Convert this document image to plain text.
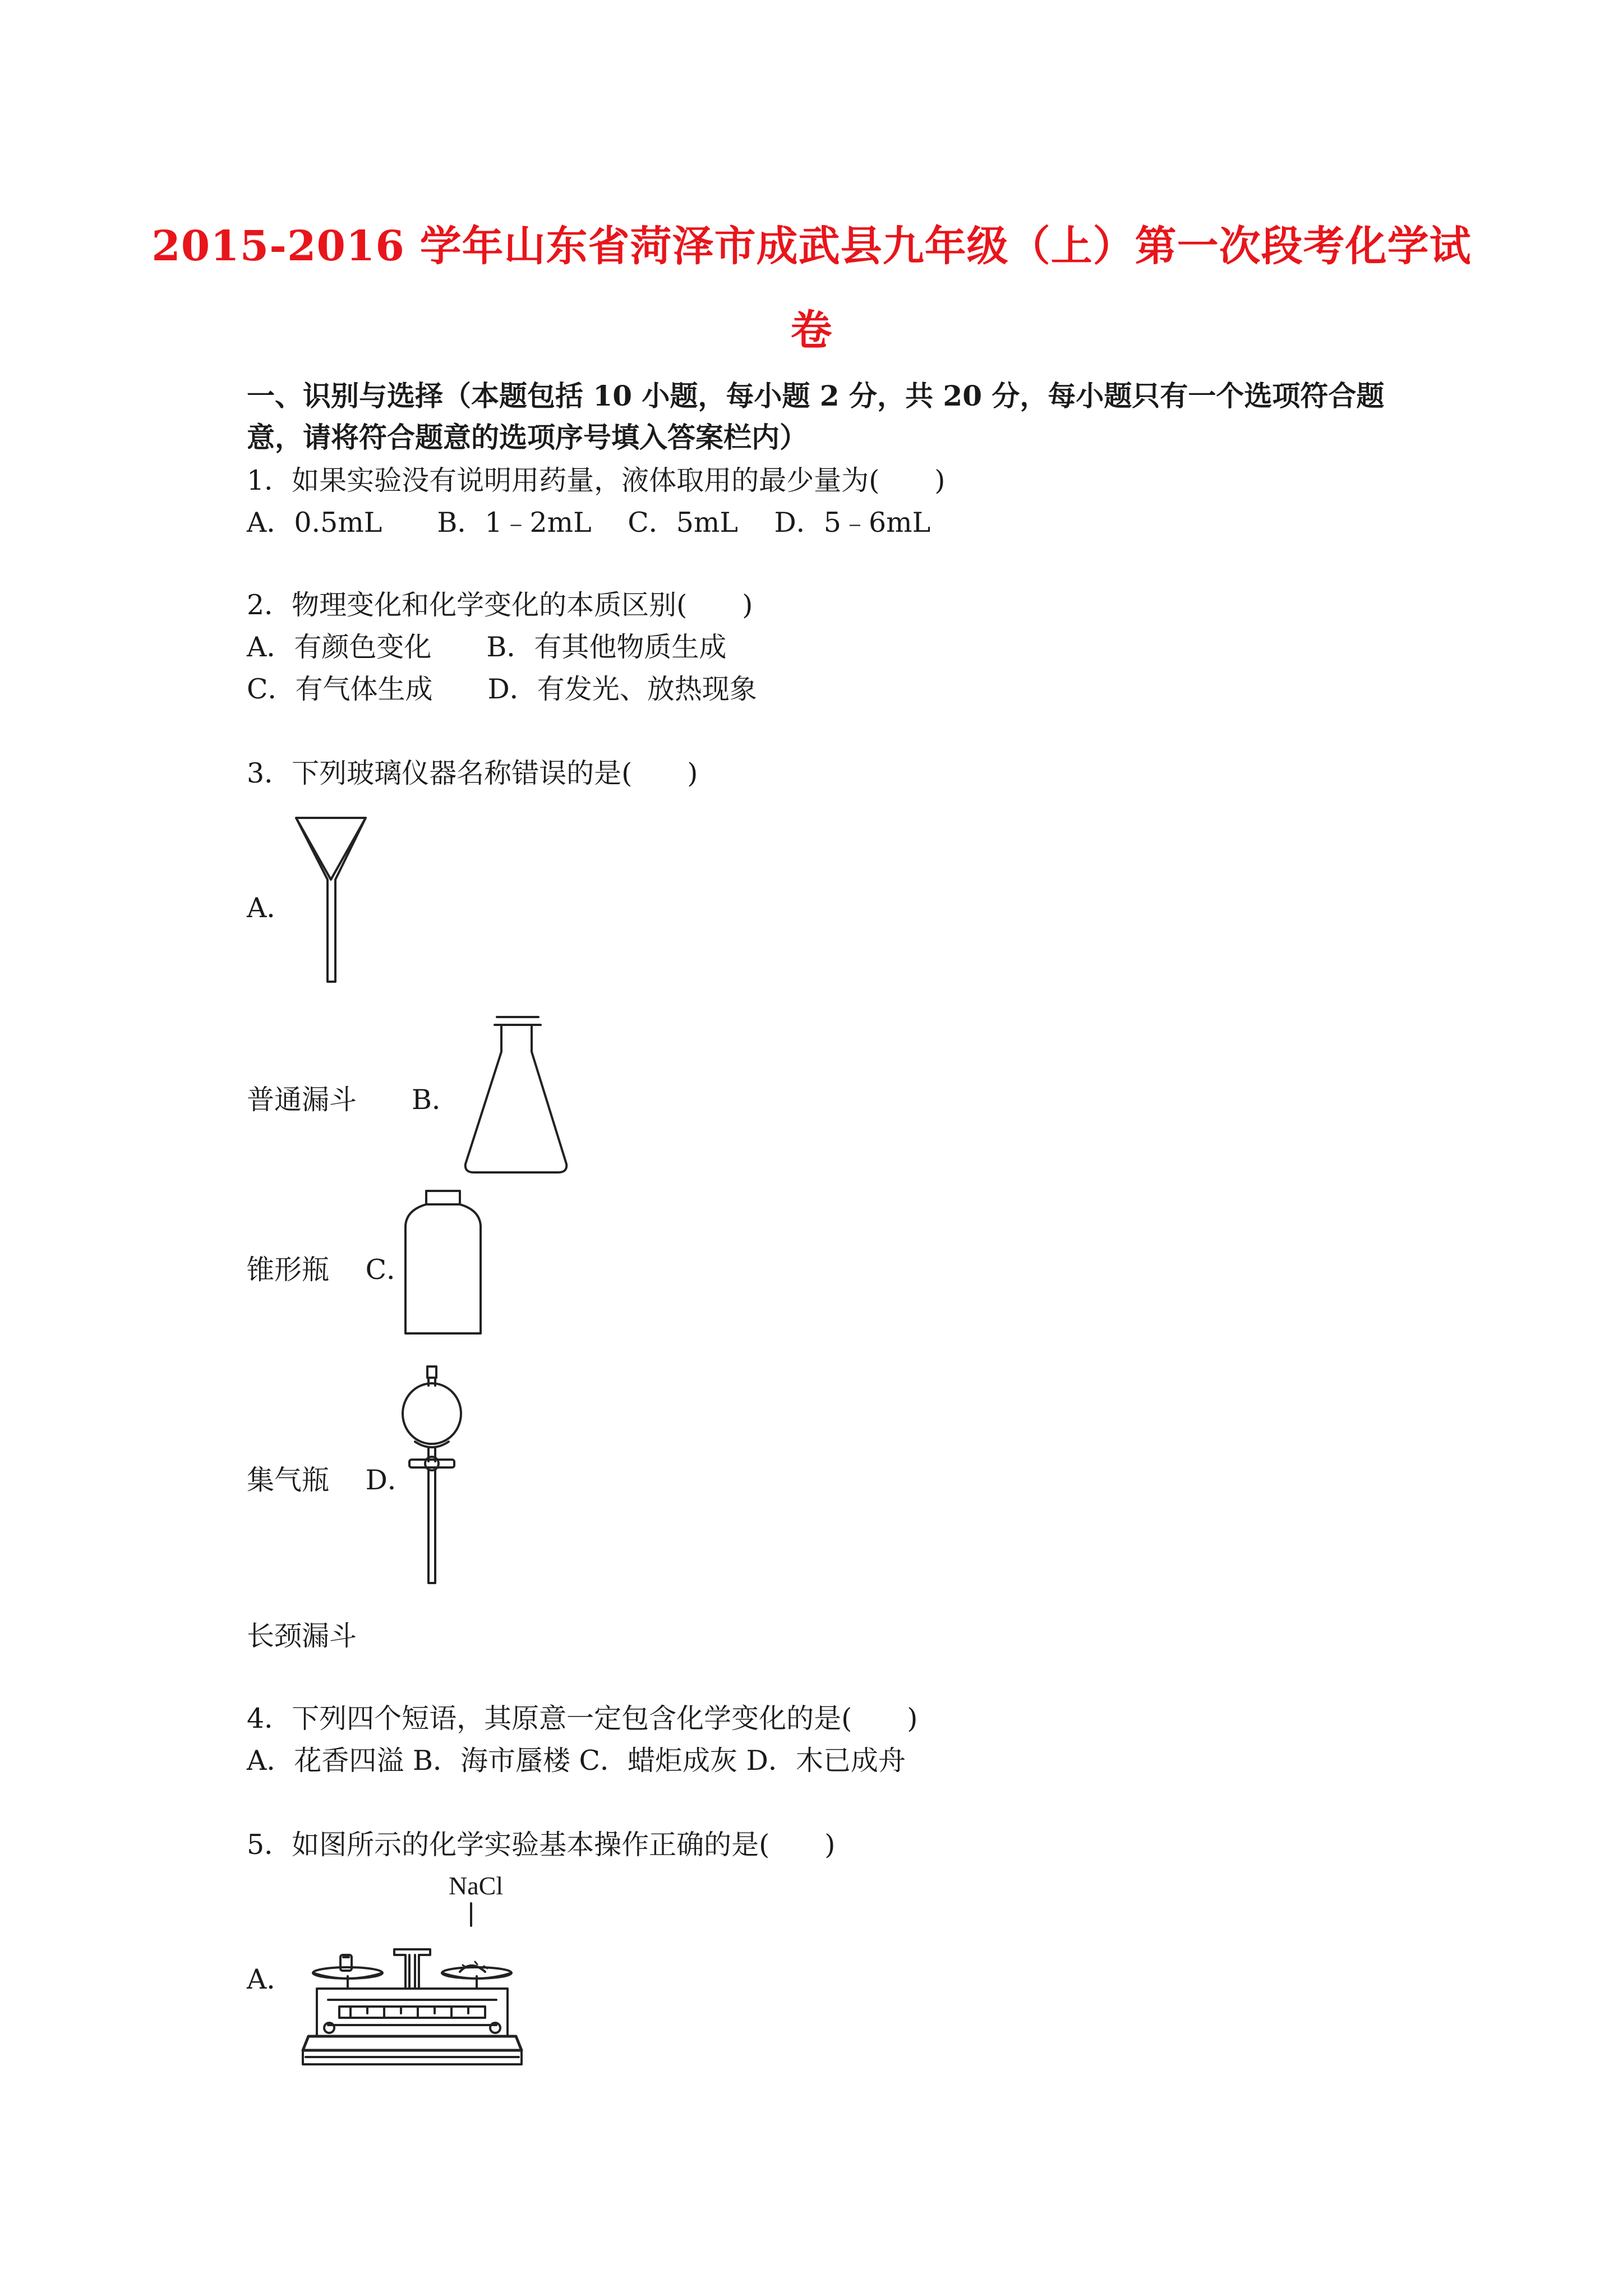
2015-2016 学年山东省菏泽市成武县九年级（上）第一次段考化学试
卷
一、识别与选择（本题包括 10 小题，每小题 2 分，共 20 分，每小题只有一个选项符合题
意，请将符合题意的选项序号填入答案栏内）
1．如果实验没有说明用药量，液体取用的最少量为(　　)
A．0.5mL　　B．1﹣2mL　 C．5mL　 D．5﹣6mL
2．物理变化和化学变化的本质区别(　　)
A．有颜色变化　　B．有其他物质生成
C．有气体生成　　D．有发光、放热现象
3．下列玻璃仪器名称错误的是(　　)
A．
普通漏斗　　B．
锥形瓶　 C．
集气瓶　 D．
长颈漏斗
4．下列四个短语，其原意一定包含化学变化的是(　　)
A．花香四溢 B．海市蜃楼 C．蜡炬成灰 D．木已成舟
5．如图所示的化学实验基本操作正确的是(　　)
A．
NaCl
